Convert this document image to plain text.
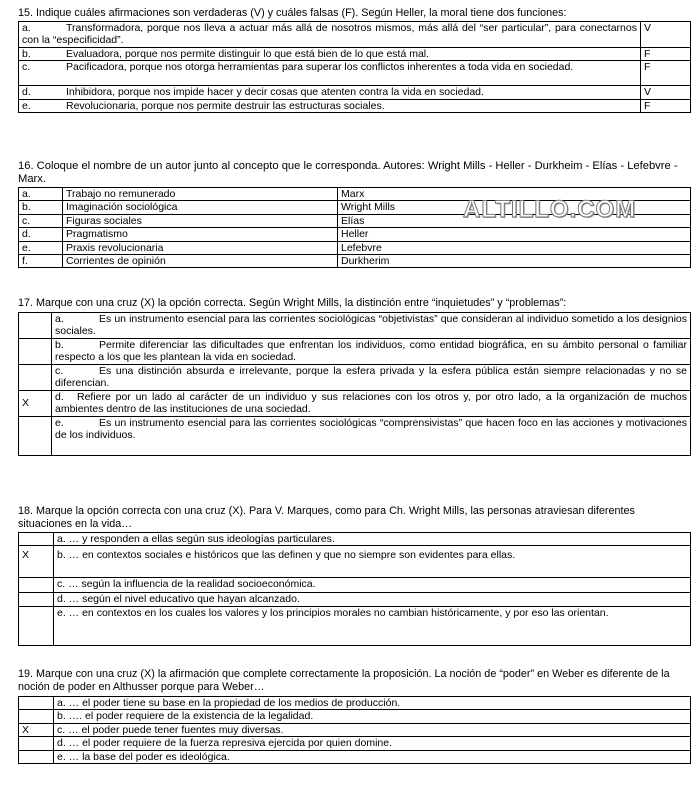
15. Indique cuáles afirmaciones son verdaderas (V) y cuáles falsas (F). Según Heller, la moral tiene dos funciones:

a. Transformadora, porque nos lleva a actuar más allá de nosotros mismos, más allá del “ser particular”, para conectarnos con la “especificidad”.	V
b. Evaluadora, porque nos permite distinguir lo que está bien de lo que está mal.	F
c. Pacificadora, porque nos otorga herramientas para superar los conflictos inherentes a toda vida en sociedad.	F
d. Inhibidora, porque nos impide hacer y decir cosas que atenten contra la vida en sociedad.	V
e. Revolucionaria, porque nos permite destruir las estructuras sociales.	F

16. Coloque el nombre de un autor junto al concepto que le corresponda. Autores: Wright Mills - Heller - Durkheim - Elías - Lefebvre - Marx.

a.	Trabajo no remunerado	Marx
b.	Imaginación sociológica	Wright Mills
c.	Figuras sociales	Elías
d.	Pragmatismo	Heller
e.	Praxis revolucionaria	Lefebvre
f.	Corrientes de opinión	Durkherim
ALTILLO.COM

17. Marque con una cruz (X) la opción correcta. Según Wright Mills, la distinción entre “inquietudes” y “problemas”:

	a. Es un instrumento esencial para las corrientes sociológicas “objetivistas” que consideran al individuo sometido a los designios sociales.
	b. Permite diferenciar las dificultades que enfrentan los individuos, como entidad biográfica, en su ámbito personal o familiar respecto a los que les plantean la vida en sociedad.
	c. Es una distinción absurda e irrelevante, porque la esfera privada y la esfera pública están siempre relacionadas y no se diferencian.
X	d. Refiere por un lado al carácter de un individuo y sus relaciones con los otros y, por otro lado, a la organización de muchos ambientes dentro de las instituciones de una sociedad.
	e. Es un instrumento esencial para las corrientes sociológicas “comprensivistas” que hacen foco en las acciones y motivaciones de los individuos.

18. Marque la opción correcta con una cruz (X). Para V. Marques, como para Ch. Wright Mills, las personas atraviesan diferentes situaciones en la vida…

	a. … y responden a ellas según sus ideologías particulares.
X	b. … en contextos sociales e históricos que las definen y que no siempre son evidentes para ellas.
	c. … según la influencia de la realidad socioeconómica.
	d. … según el nivel educativo que hayan alcanzado.
	e. … en contextos en los cuales los valores y los principios morales no cambian históricamente, y por eso las orientan.

19. Marque con una cruz (X) la afirmación que complete correctamente la proposición. La noción de “poder” en Weber es diferente de la noción de poder en Althusser porque para Weber…

	a. … el poder tiene su base en la propiedad de los medios de producción.
	b. …. el poder requiere de la existencia de la legalidad.
X	c. … el poder puede tener fuentes muy diversas.
	d. … el poder requiere de la fuerza represiva ejercida por quien domine.
	e. … la base del poder es ideológica.
